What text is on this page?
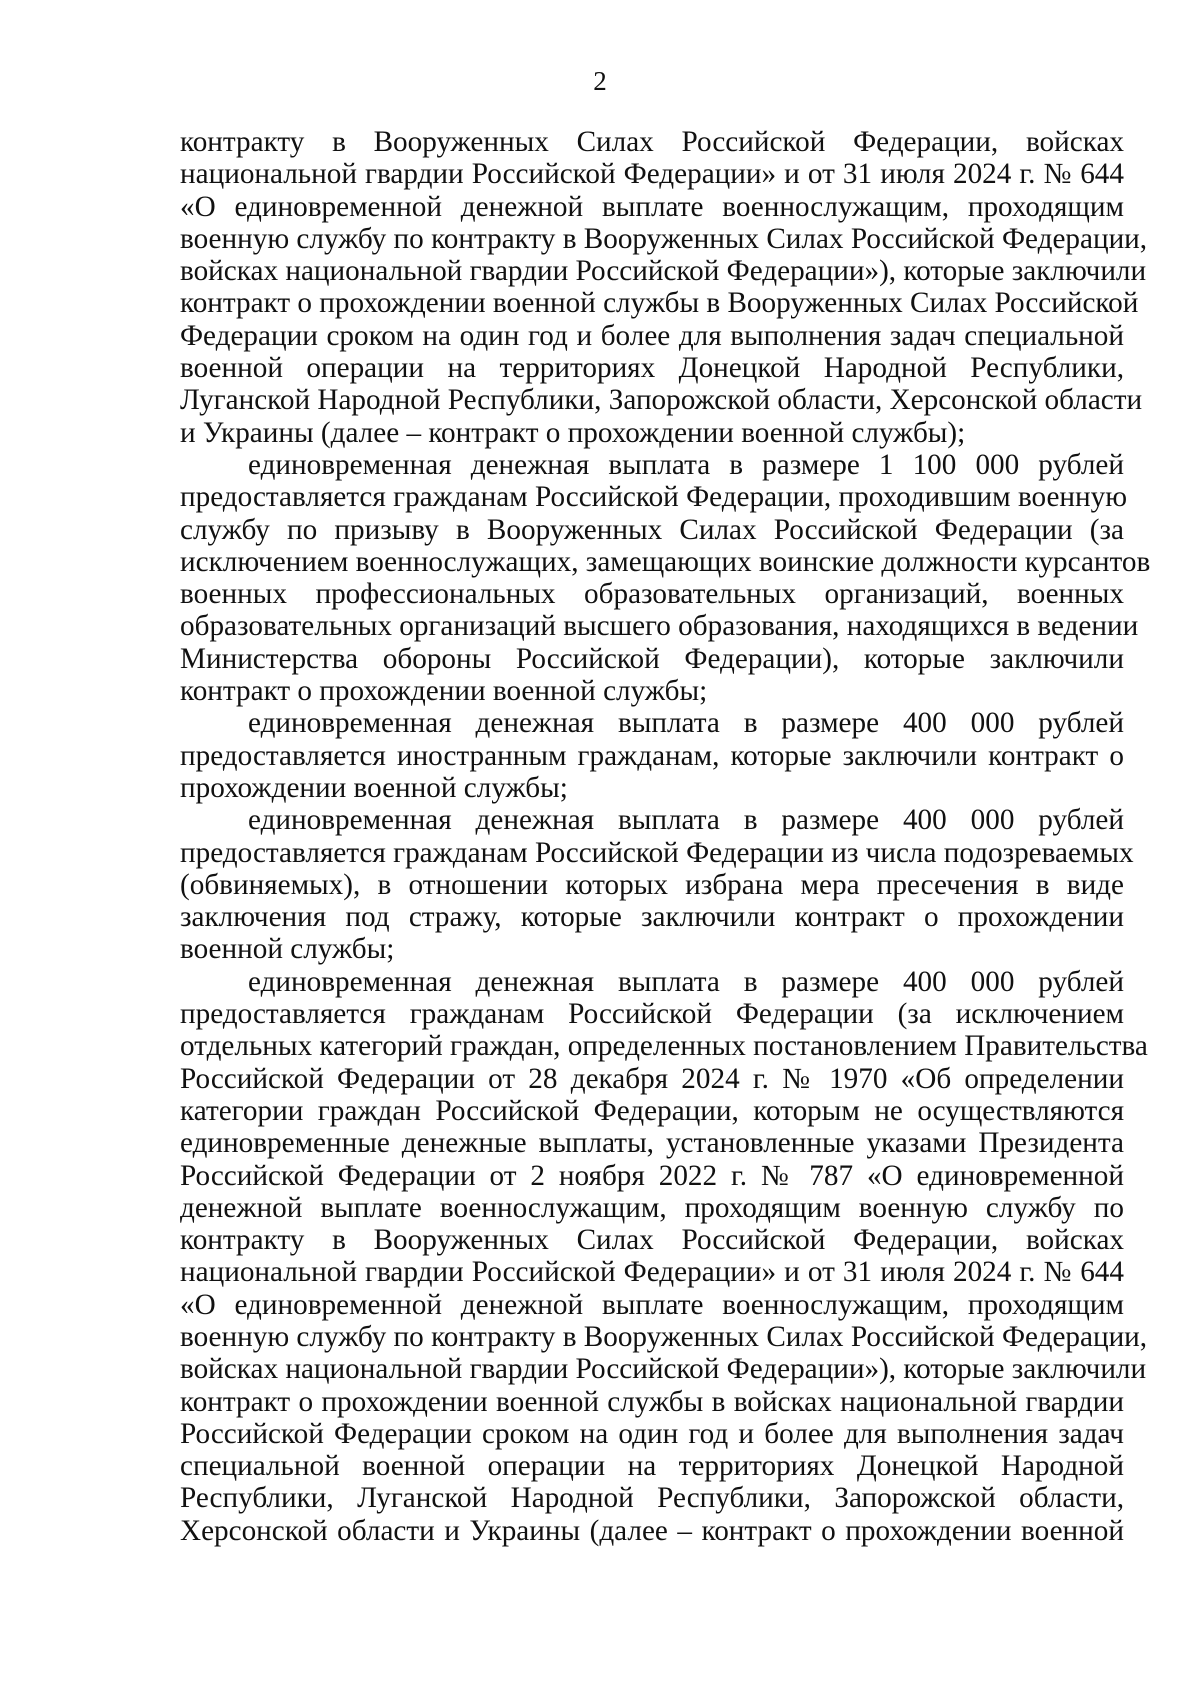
2
контракту в Вооруженных Силах Российской Федерации, войсках
национальной гвардии Российской Федерации» и от 31 июля 2024 г. № 644
«О единовременной денежной выплате военнослужащим, проходящим
военную службу по контракту в Вооруженных Силах Российской Федерации,
войсках национальной гвардии Российской Федерации»), которые заключили
контракт о прохождении военной службы в Вооруженных Силах Российской
Федерации сроком на один год и более для выполнения задач специальной
военной операции на территориях Донецкой Народной Республики,
Луганской Народной Республики, Запорожской области, Херсонской области
и Украины (далее – контракт о прохождении военной службы);
единовременная денежная выплата в размере 1 100 000 рублей
предоставляется гражданам Российской Федерации, проходившим военную
службу по призыву в Вооруженных Силах Российской Федерации (за
исключением военнослужащих, замещающих воинские должности курсантов
военных профессиональных образовательных организаций, военных
образовательных организаций высшего образования, находящихся в ведении
Министерства обороны Российской Федерации), которые заключили
контракт о прохождении военной службы;
единовременная денежная выплата в размере 400 000 рублей
предоставляется иностранным гражданам, которые заключили контракт о
прохождении военной службы;
единовременная денежная выплата в размере 400 000 рублей
предоставляется гражданам Российской Федерации из числа подозреваемых
(обвиняемых), в отношении которых избрана мера пресечения в виде
заключения под стражу, которые заключили контракт о прохождении
военной службы;
единовременная денежная выплата в размере 400 000 рублей
предоставляется гражданам Российской Федерации (за исключением
отдельных категорий граждан, определенных постановлением Правительства
Российской Федерации от 28 декабря 2024 г. № 1970 «Об определении
категории граждан Российской Федерации, которым не осуществляются
единовременные денежные выплаты, установленные указами Президента
Российской Федерации от 2 ноября 2022 г. № 787 «О единовременной
денежной выплате военнослужащим, проходящим военную службу по
контракту в Вооруженных Силах Российской Федерации, войсках
национальной гвардии Российской Федерации» и от 31 июля 2024 г. № 644
«О единовременной денежной выплате военнослужащим, проходящим
военную службу по контракту в Вооруженных Силах Российской Федерации,
войсках национальной гвардии Российской Федерации»), которые заключили
контракт о прохождении военной службы в войсках национальной гвардии
Российской Федерации сроком на один год и более для выполнения задач
специальной военной операции на территориях Донецкой Народной
Республики, Луганской Народной Республики, Запорожской области,
Херсонской области и Украины (далее – контракт о прохождении военной
